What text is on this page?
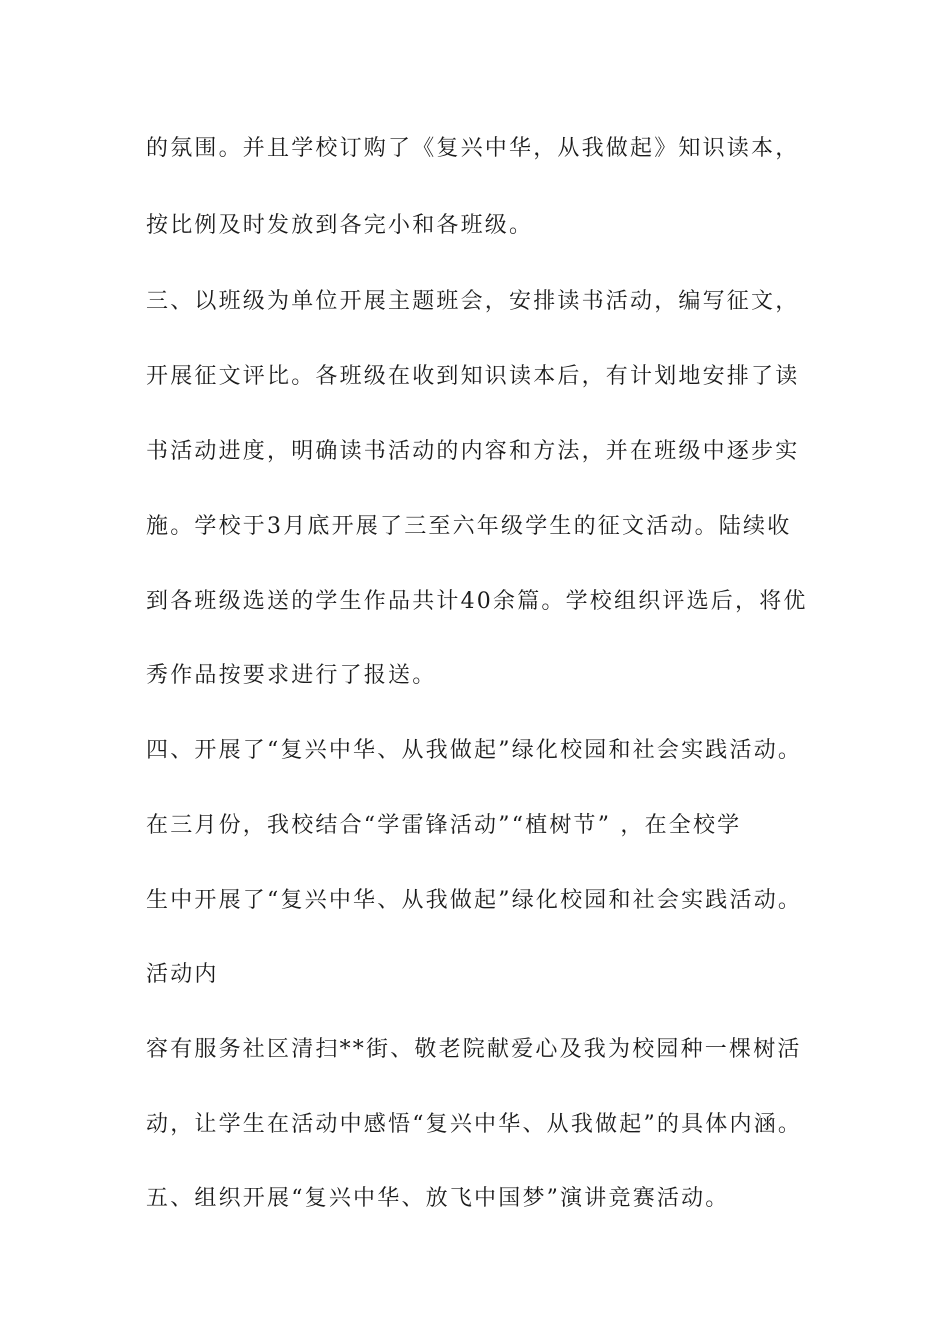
的氛围。并且学校订购了《复兴中华，从我做起》知识读本，
按比例及时发放到各完小和各班级。
三、以班级为单位开展主题班会，安排读书活动，编写征文，
开展征文评比。各班级在收到知识读本后，有计划地安排了读
书活动进度，明确读书活动的内容和方法，并在班级中逐步实
施。学校于3月底开展了三至六年级学生的征文活动。陆续收
到各班级选送的学生作品共计40余篇。学校组织评选后，将优
秀作品按要求进行了报送。
四、开展了“复兴中华、从我做起”绿化校园和社会实践活动。
在三月份，我校结合“学雷锋活动”“植树节” ，在全校学
生中开展了“复兴中华、从我做起”绿化校园和社会实践活动。
活动内
容有服务社区清扫**街、敬老院献爱心及我为校园种一棵树活
动，让学生在活动中感悟“复兴中华、从我做起”的具体内涵。
五、组织开展“复兴中华、放飞中国梦”演讲竞赛活动。
